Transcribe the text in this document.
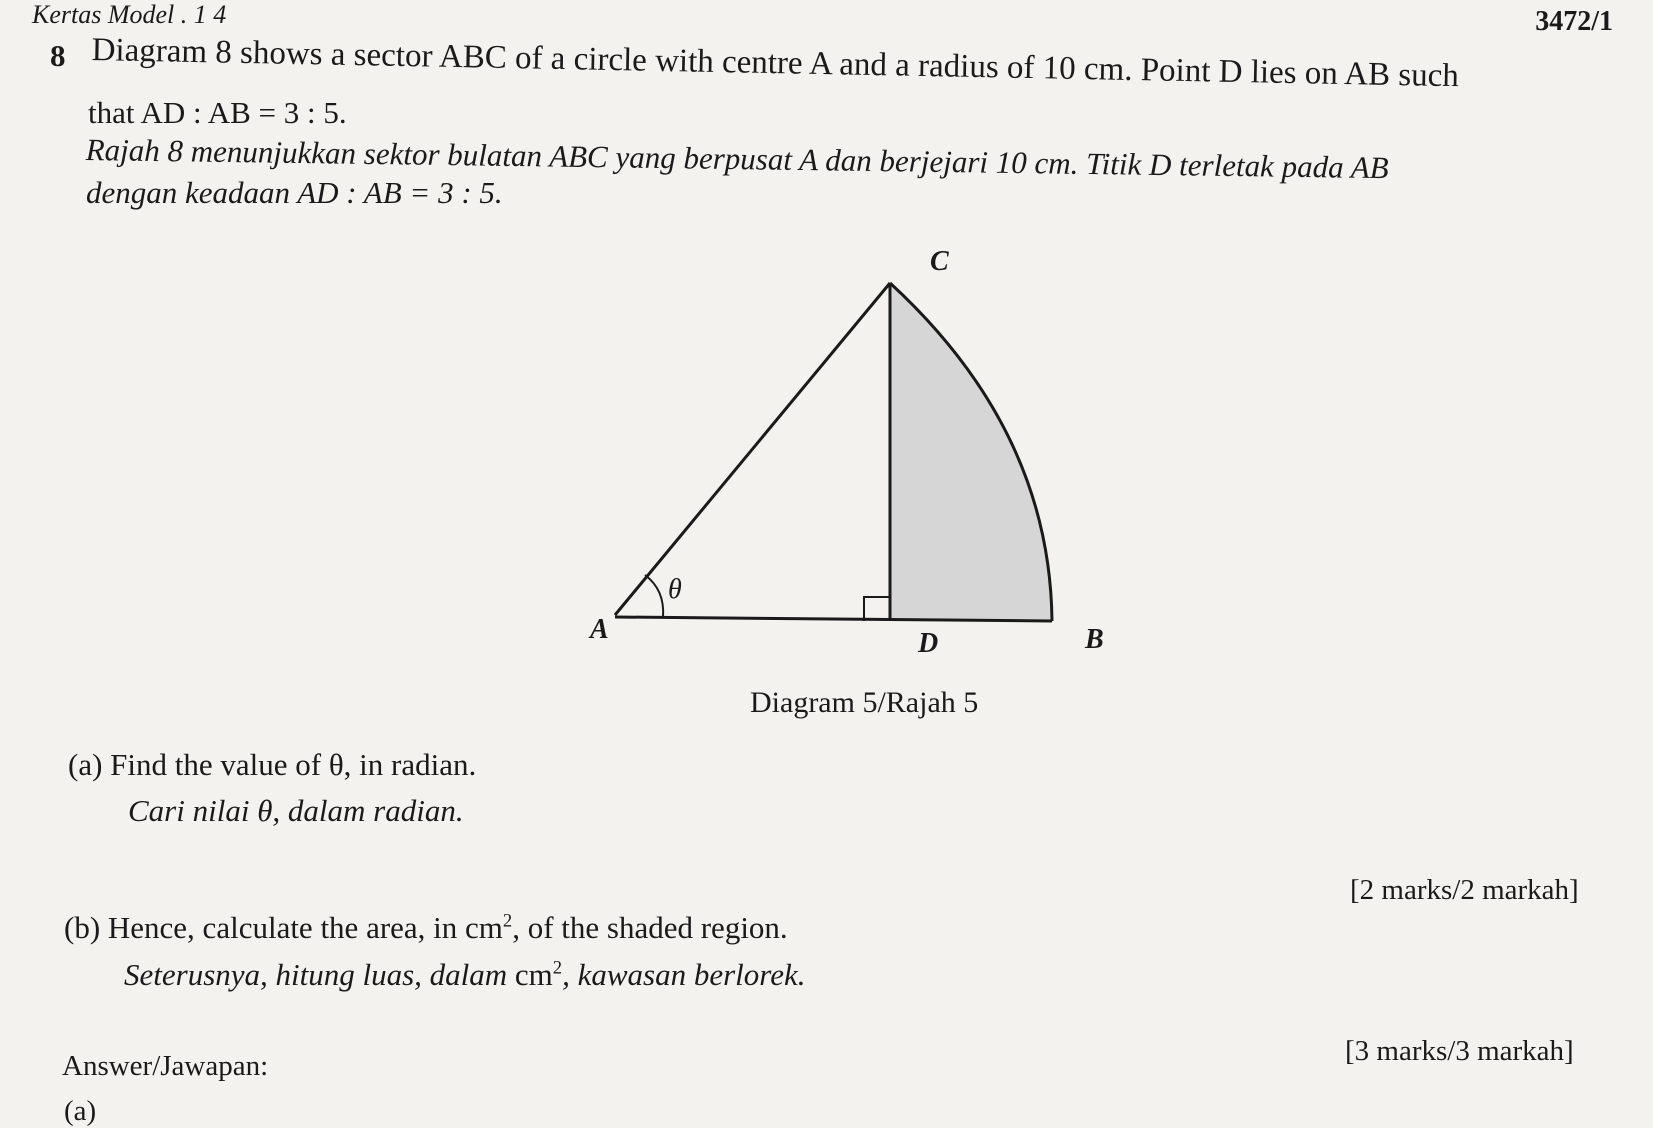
Kertas Model . 1 4	3472/1
8 Diagram 8 shows a sector ABC of a circle with centre A and a radius of 10 cm. Point D lies on AB such
that AD : AB = 3 : 5.
Rajah 8 menunjukkan sektor bulatan ABC yang berpusat A dan berjejari 10 cm. Titik D terletak pada AB
dengan keadaan AD : AB = 3 : 5.
C
θ
A	D	B
Diagram 5/Rajah 5
(a) Find the value of θ, in radian.
Cari nilai θ, dalam radian.
[2 marks/2 markah]
(b) Hence, calculate the area, in $cm^2$, of the shaded region.
Seterusnya, hitung luas, dalam $cm^2$, kawasan berlorek.
[3 marks/3 markah]
Answer/Jawapan:
(a)
